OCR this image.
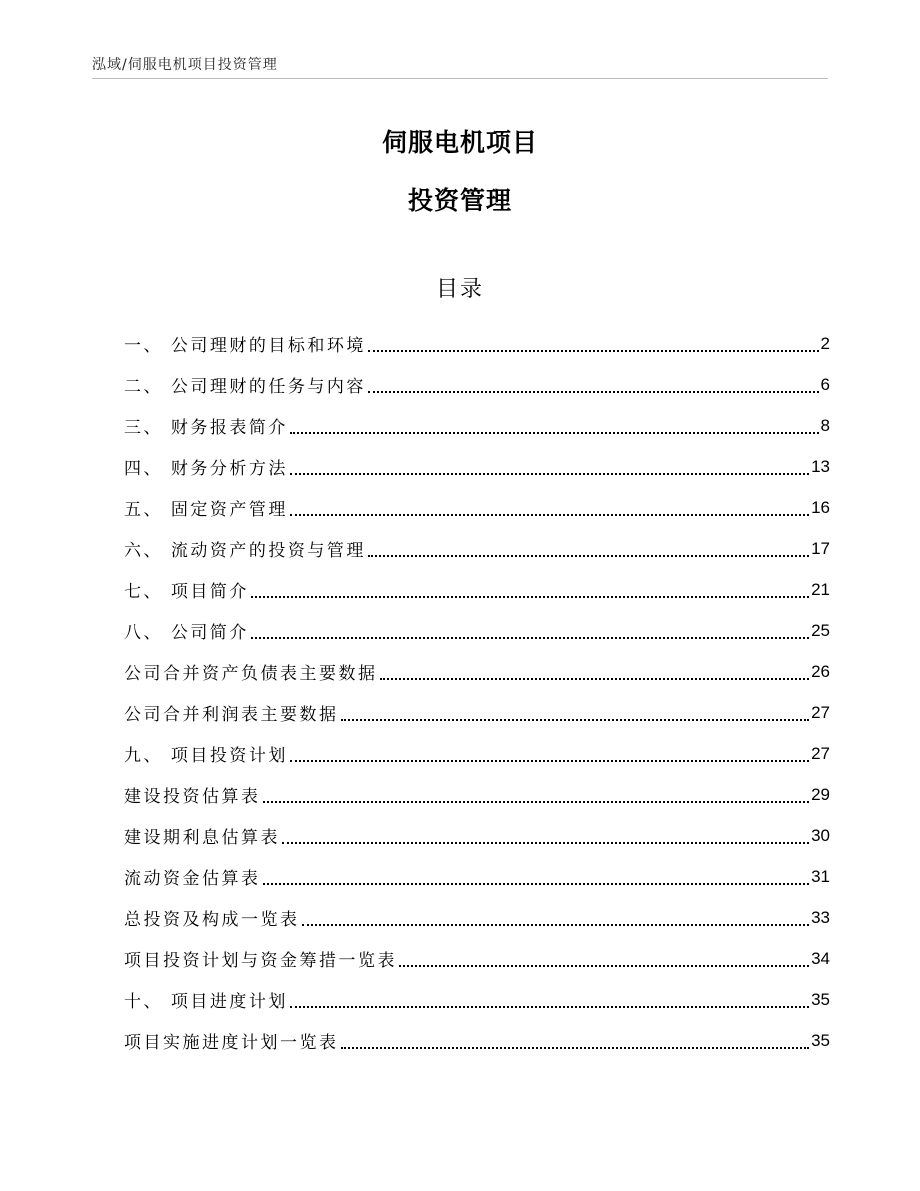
泓域/伺服电机项目投资管理
伺服电机项目
投资管理
目录
一、 公司理财的目标和环境	2
二、 公司理财的任务与内容	6
三、 财务报表简介	8
四、 财务分析方法	13
五、 固定资产管理	16
六、 流动资产的投资与管理	17
七、 项目简介	21
八、 公司简介	25
公司合并资产负债表主要数据	26
公司合并利润表主要数据	27
九、 项目投资计划	27
建设投资估算表	29
建设期利息估算表	30
流动资金估算表	31
总投资及构成一览表	33
项目投资计划与资金筹措一览表	34
十、 项目进度计划	35
项目实施进度计划一览表	35
